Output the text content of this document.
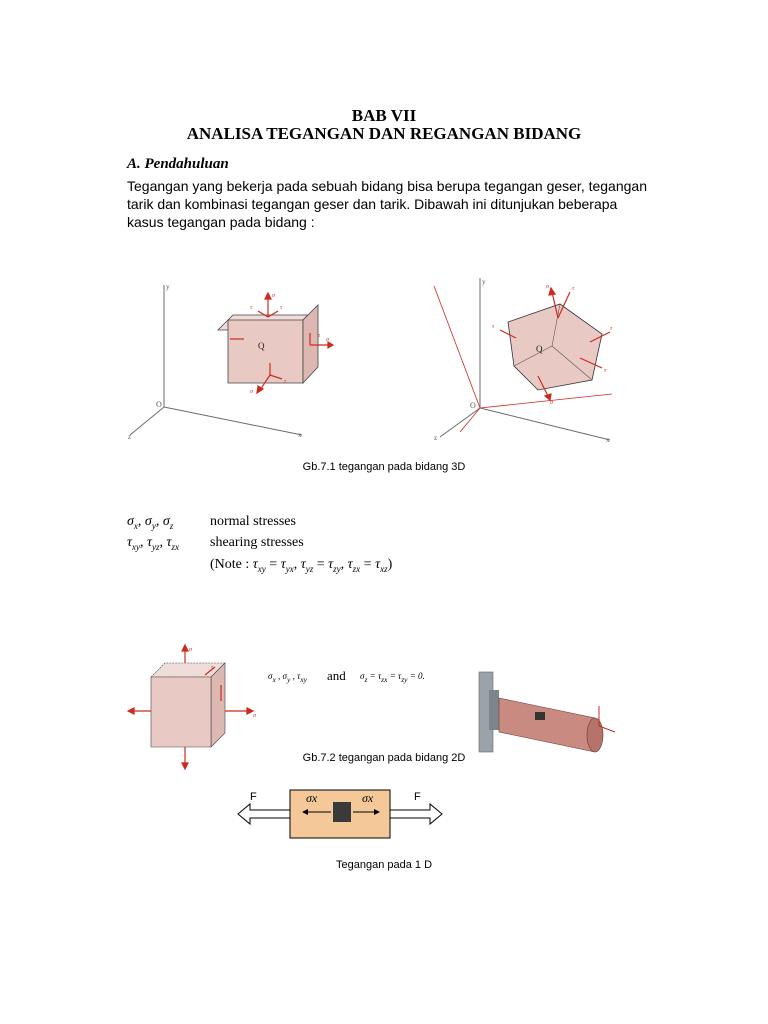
BAB VII
ANALISA TEGANGAN DAN REGANGAN BIDANG
A. Pendahuluan
Tegangan yang bekerja pada sebuah bidang bisa berupa tegangan geser, tegangan tarik dan kombinasi tegangan geser dan tarik. Dibawah ini ditunjukan beberapa kasus tegangan pada bidang :
y
x
z
O
Q
σ
τ
τ
τ
σ
σ
τ
y
x
z
O
Q
σ	τ
τ
τ
σ
τ
Gb.7.1 tegangan pada bidang 3D
$\sigma_x$, $\sigma_y$, $\sigma_z$	normal stresses
$\tau_{xy}$, $\tau_{yz}$, $\tau_{zx}$ shearing stresses
(Note : $\tau_{xy} = \tau_{yx}$, $\tau_{yz} = \tau_{zy}$, $\tau_{zx} = \tau_{xz}$)
σ
τ
σ
$\sigma_x$ , $\sigma_y$ , $\tau_{xy}$ and $\sigma_z = \tau_{zx} = \tau_{zy} = 0$.
Gb.7.2 tegangan pada bidang 2D
σx	σx
F	F
Tegangan pada 1 D
